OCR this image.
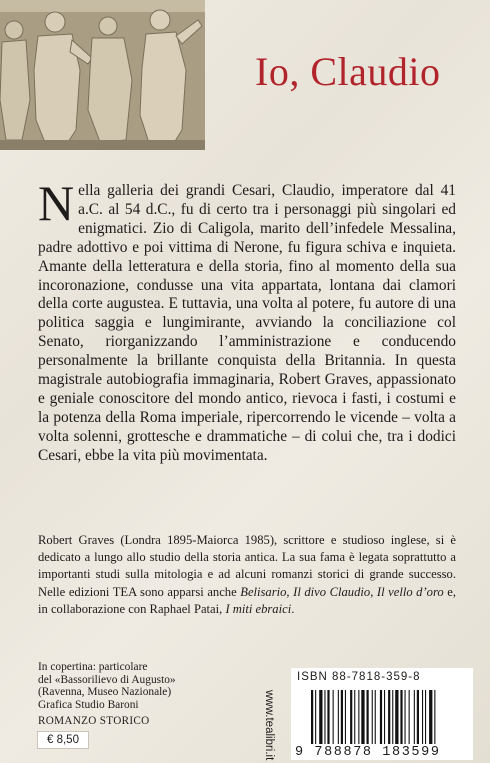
Io, Claudio
Nella galleria dei grandi Cesari, Claudio, imperatore dal 41 a.C. al 54 d.C., fu di certo tra i personaggi più singolari ed enigmatici. Zio di Caligola, marito dell’infedele Messalina, padre adottivo e poi vittima di Nerone, fu figura schiva e inquieta. Amante della letteratura e della storia, fino al momento della sua incoronazione, condusse una vita appartata, lontana dai clamori della corte augustea. E tuttavia, una volta al potere, fu autore di una politica saggia e lungimirante, avviando la conciliazione col Senato, riorganizzando l’amministrazione e conducendo personalmente la brillante conquista della Britannia. In questa magistrale autobiografia immaginaria, Robert Graves, appassionato e geniale conoscitore del mondo antico, rievoca i fasti, i costumi e la potenza della Roma imperiale, ripercorrendo le vicende – volta a volta solenni, grottesche e drammatiche – di colui che, tra i dodici Cesari, ebbe la vita più movimentata.
Robert Graves (Londra 1895-Maiorca 1985), scrittore e studioso inglese, si è dedicato a lungo allo studio della storia antica. La sua fama è legata soprattutto a importanti studi sulla mitologia e ad alcuni romanzi storici di grande successo. Nelle edizioni TEA sono apparsi anche Belisario, Il divo Claudio, Il vello d’oro e, in collaborazione con Raphael Patai, I miti ebraici.
In copertina: particolare
del «Bassorilievo di Augusto»
(Ravenna, Museo Nazionale)
Grafica Studio Baroni
ROMANZO STORICO
€ 8,50	www.tealibri.it
ISBN 88-7818-359-8
9 788878 183599
